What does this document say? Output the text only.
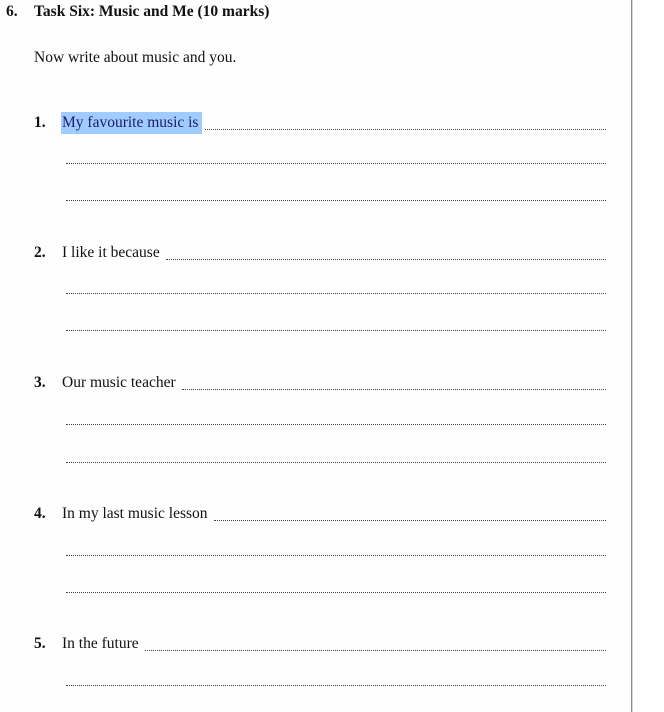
6. Task Six: Music and Me (10 marks)
Now write about music and you.
1.	My favourite music is
2.	I like it because
3.	Our music teacher
4.	In my last music lesson
5.	In the future
